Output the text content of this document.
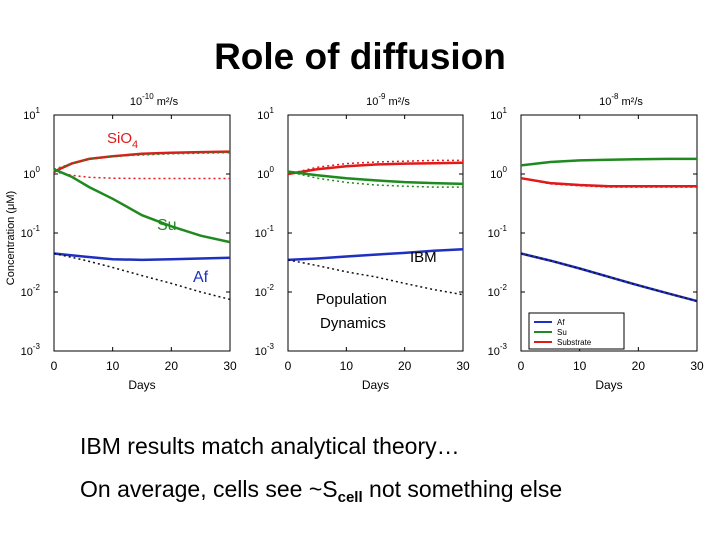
$10^{-3}$
$10^{-2}$
$10^{-1}$
$10^0$
$10^1$
0	10	20	30
Days
$10^{-10}$ m²/s
Concentration (μM)
$10^{-3}$
$10^{-2}$
$10^{-1}$
$10^0$
$10^1$
0	10	20	30
Days
$10^{-9}$ m²/s
$10^{-3}$
$10^{-2}$
$10^{-1}$
$10^0$
$10^1$
0	10	20	30
Days
$10^{-8}$ m²/s
SiO$_4$
Su
Af
IBM
Population
Dynamics	Af
Su
Substrate
Role of diffusion
IBM results match analytical theory…
On average, cells see $\sim S_{cell}$ not something else
